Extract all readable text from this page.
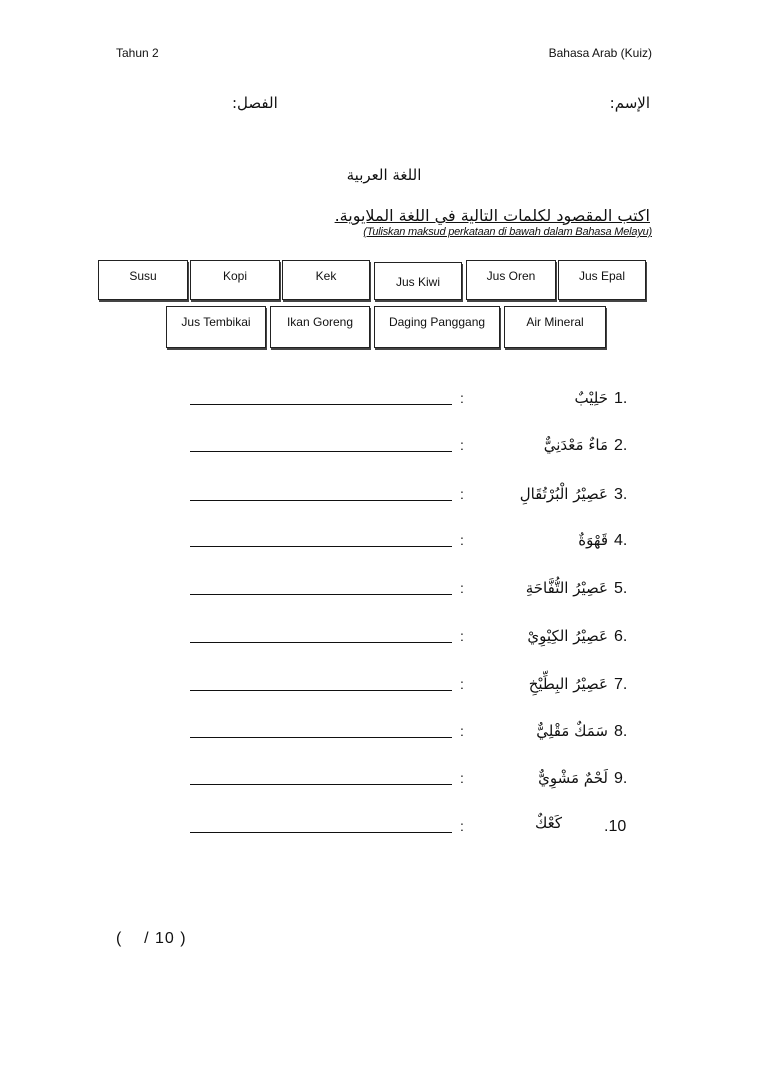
Tahun 2	Bahasa Arab (Kuiz)
الإسم:
الفصل:
اللغة العربية
اكتب المقصود لكلمات التالية في اللغة الملايوية.
(Tuliskan maksud perkataan di bawah dalam Bahasa Melayu)
Susu	Kopi	Kek	Jus Kiwi	Jus Oren	Jus Epal
Jus Tembikai	Ikan Goreng	Daging Panggang	Air Mineral
1.
حَلِيْبٌ
:
2.
مَاءٌ مَعْدَنِيٌّ
:
3.
عَصِيْرُ الْبُرْتُقَالِ
:
4.
قَهْوَةٌ
:
5.
عَصِيْرُ التُّفَّاحَةِ
:
6.
عَصِيْرُ الكِيْوِيْ
:
7.
عَصِيْرُ البِطِّيْخِ
:
8.
سَمَكٌ مَقْلِيٌّ
:
9.
لَحْمٌ مَشْوِيٌّ
:
.10
كَعْكٌ
:
(    / 10 )
